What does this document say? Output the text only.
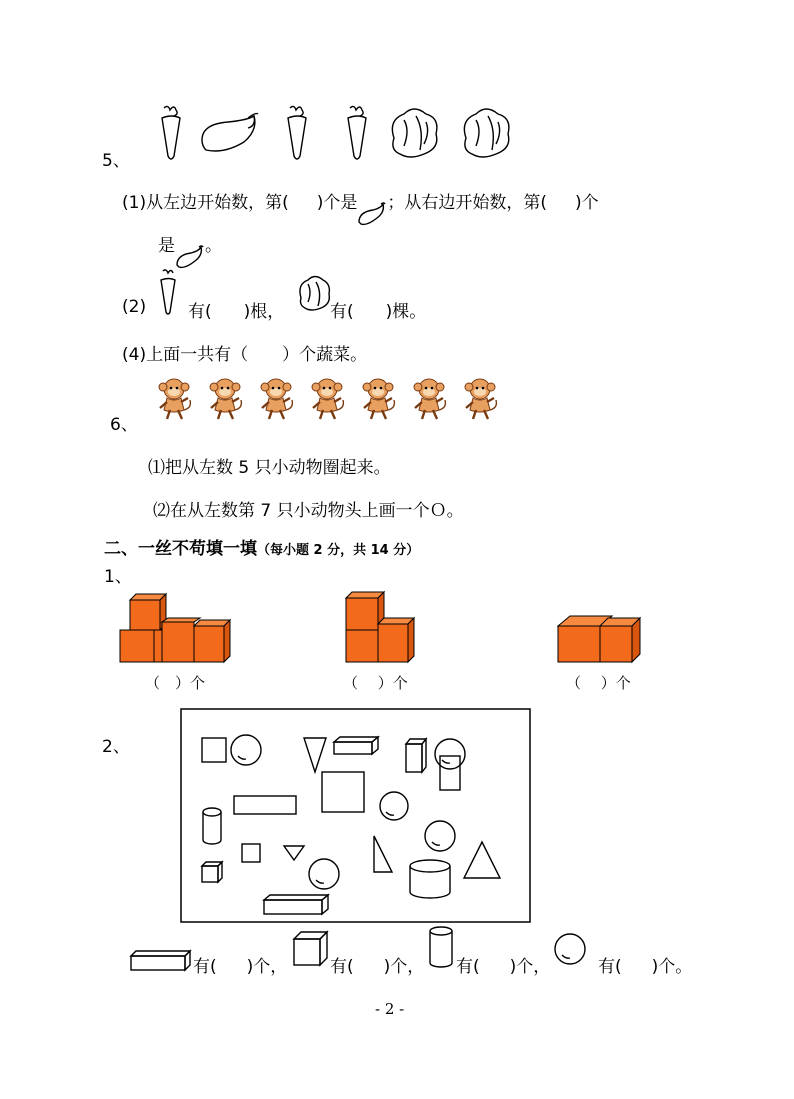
5、
(1)从左边开始数，第( )个是 ；从右边开始数，第( )个
是 。
(2) 有( )根，	有( )棵。
(4)上面一共有（　　）个蔬菜。
6、
⑴把从左数 5 只小动物圈起来。
⑵在从左数第 7 只小动物头上画一个Ｏ。
二、一丝不苟填一填（每小题 2 分，共 14 分）
1、
（　）个	（　 ）个	（　 ）个
2、
有( )个，	有( )个， 有( )个，	有( )个。
- 2 -
